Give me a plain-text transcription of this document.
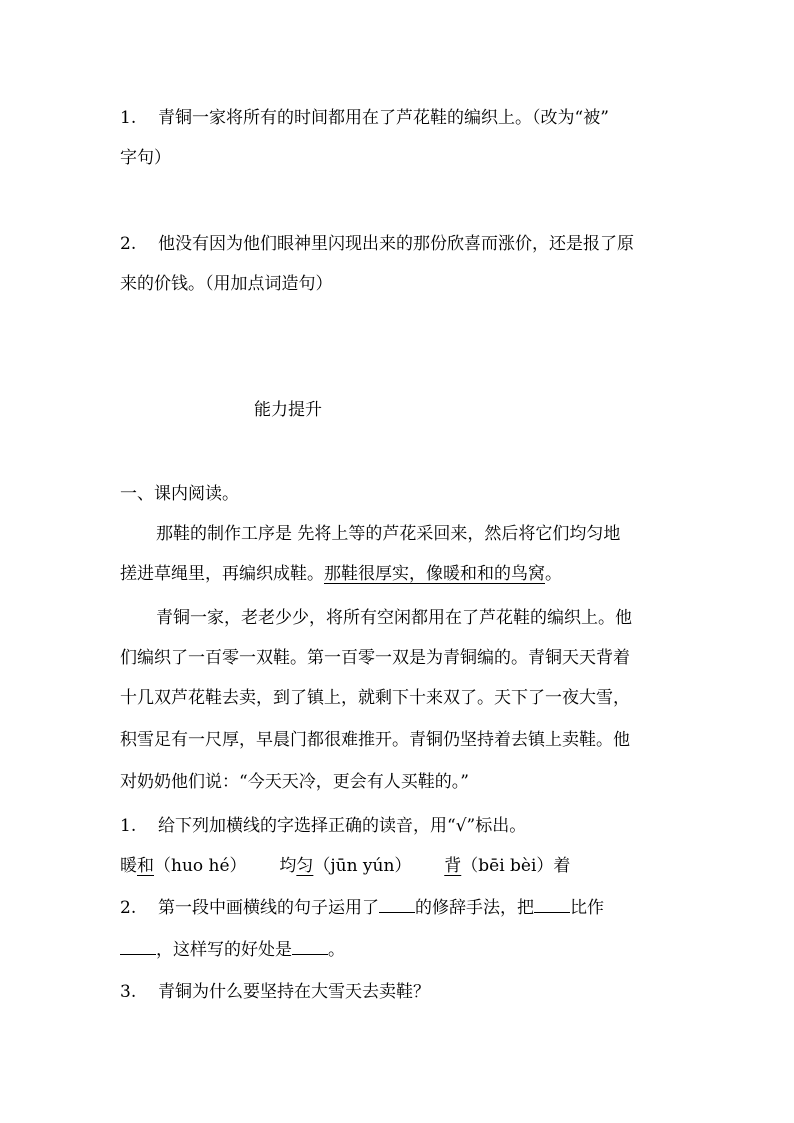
1. 青铜一家将所有的时间都用在了芦花鞋的编织上。（改为“被”
字句）
2. 他没有因为他们眼神里闪现出来的那份欣喜而涨价，还是报了原
来的价钱。（用加点词造句）
能力提升
一、课内阅读。
那鞋的制作工序是 先将上等的芦花采回来，然后将它们均匀地
搓进草绳里，再编织成鞋。那鞋很厚实，像暖和和的鸟窝。
青铜一家，老老少少，将所有空闲都用在了芦花鞋的编织上。他
们编织了一百零一双鞋。第一百零一双是为青铜编的。青铜天天背着
十几双芦花鞋去卖，到了镇上，就剩下十来双了。天下了一夜大雪，
积雪足有一尺厚，早晨门都很难推开。青铜仍坚持着去镇上卖鞋。他
对奶奶他们说：“今天天冷，更会有人买鞋的。”
1. 给下列加横线的字选择正确的读音，用“√”标出。
暖和（huo hé） 均匀（jūn yún） 背（bēi bèi）着
2. 第一段中画横线的句子运用了 的修辞手法，把 比作
，这样写的好处是 。
3. 青铜为什么要坚持在大雪天去卖鞋？
